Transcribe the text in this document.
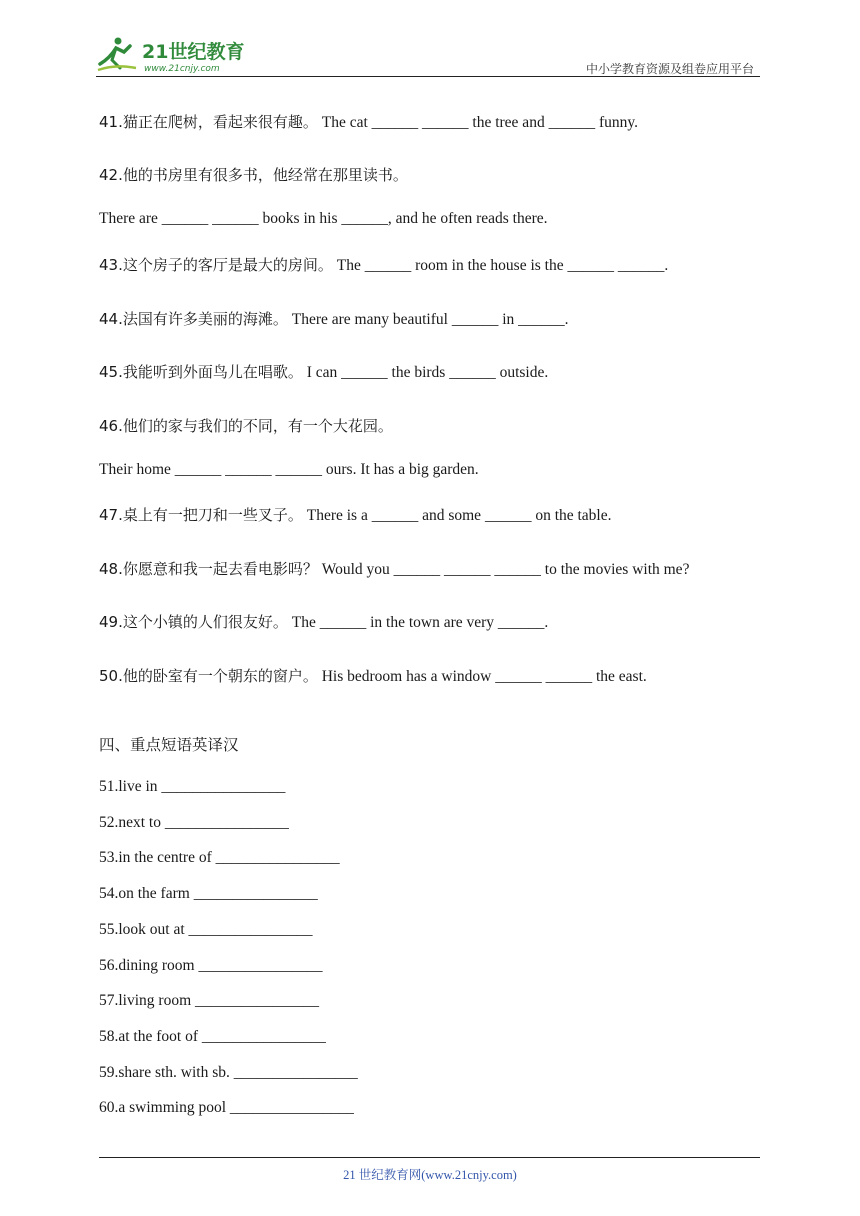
21世纪教育
www.21cnjy.com	中小学教育资源及组卷应用平台
41.猫正在爬树，看起来很有趣。 The cat ______ ______ the tree and ______ funny.
42.他的书房里有很多书，他经常在那里读书。
There are ______ ______ books in his ______, and he often reads there.
43.这个房子的客厅是最大的房间。 The ______ room in the house is the ______ ______.
44.法国有许多美丽的海滩。 There are many beautiful ______ in ______.
45.我能听到外面鸟儿在唱歌。 I can ______ the birds ______ outside.
46.他们的家与我们的不同，有一个大花园。
Their home ______ ______ ______ ours. It has a big garden.
47.桌上有一把刀和一些叉子。 There is a ______ and some ______ on the table.
48.你愿意和我一起去看电影吗？ Would you ______ ______ ______ to the movies with me?
49.这个小镇的人们很友好。 The ______ in the town are very ______.
50.他的卧室有一个朝东的窗户。 His bedroom has a window ______ ______ the east.
四、重点短语英译汉
51.live in ________________
52.next to ________________
53.in the centre of ________________
54.on the farm ________________
55.look out at ________________
56.dining room ________________
57.living room ________________
58.at the foot of ________________
59.share sth. with sb. ________________
60.a swimming pool ________________
21 世纪教育网(www.21cnjy.com)
